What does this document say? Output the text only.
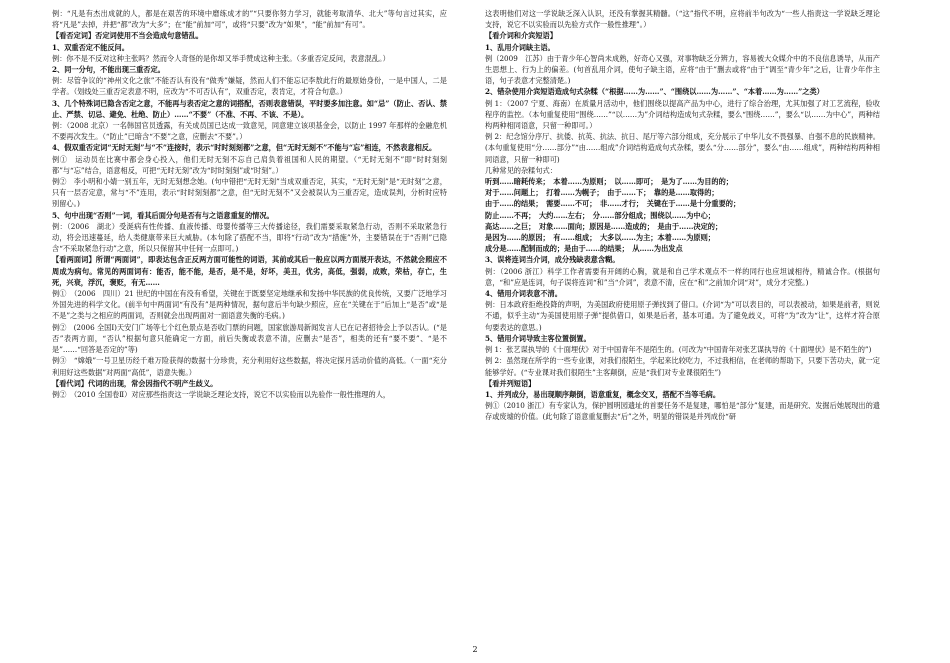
例：“凡是有杰出成就的人，都是在艰苦的环境中磨练成才的”“只要你努力学习，就能考取清华、北大”等句言过其实，应将“凡是”去掉，并把“都”改为“大多”；在“能”前加“可”，或将“只要”改为“如果”，“能”前加“有可”。

【看否定词】否定词使用不当会造成句意错乱。

1、双重否定不能反问。

例：你不是不反对这种主张吗？然而令人奇怪的是你却又举手赞成这种主张。（多重否定反问，表意混乱。）

2、同一分句，不能出现三重否定。

例：尽管争议的“神州文化之旅”不能否认有没有“做秀”嫌疑，然而人们不能忘记李敖此行的最原始身份，一是中国人，二是学者。（划线处三重否定表意不明，应改为“不可否认有”，双重否定，表肯定，才符合句意。）

3、几个特殊词已隐含否定之意，不能再与表否定之意的词搭配，否则表意错误，平时要多加注意。如“忌”（防止、否认、禁止、严禁、切忌、避免、杜绝、防止）……“不要”（不准、不再、不该、不是）。

例：（2008 北京）一名韩国官员透露，有关成员国已达成一致意见，同意建立该项基金会，以防止 1997 年那样的金融危机不要再次发生。（“防止”已暗含“不要”之意，应删去“不要”。）

4、假双重否定词“无时无刻”与“不”连接时，表示“时时刻刻都”之意，但“无时无刻不”不能与“忘”相连，不然表意相反。

例①　运动员在比赛中都会身心投入，他们无时无刻不忘自己肩负着祖国和人民的期望。（“无时无刻不”即“时时刻刻都”与“忘”结合，语意相反，可把“无时无刻”改为“时时刻刻”或“时刻”。）

例②　李小明和小婧一别五年，无时无刻想念她。(句中错把“无时无刻”当成双重否定，其实，“无时无刻”是“无时刻”之意，只有一层否定意，常与“不”连用，表示“时时刻刻都”之意，但“无时无刻不”又会被误认为三重否定，造成误判，分析时应特别留心。)

5、句中出现“否则”一词，看其后面分句是否有与之语意重复的情况。

例：（2006　湖北）受涎病有性传播、血液传播、母婴传播等三大传播途径，我们需要采取紧急行动，否则不采取紧急行动，将会迅速蔓延，给人类健康带来巨大威胁。(本句除了搭配不当，即将“行动”改为“措施”外，主要错误在于“否则”已隐含“不采取紧急行动”之意，所以只保留其中任何一点即可。)

【看两面词】所谓“两面词”，即表达包含正反两方面可能性的词语，其前或其后一般应以两方面展开表达，不然就会照应不周成为病句。常见的两面词有：能否，能不能，是否，是不是，好坏，美丑，优劣，高低，强弱，成败，荣枯，存亡，生死，兴衰，浮沉，褒贬，有无……

例①　（2006　四川）21 世纪的中国在有没有希望，关键在于既要坚定地继承和发扬中华民族的优良传统，又要广泛地学习外国先进的科学文化。(前半句中两面词“有没有”是两种情况，据句意后半句缺少照应，应在“关键在于”后加上“是否”或“是不是”之类与之相应的两面词，否则就会出现两面对一面语意失衡的毛病。)

例②　(2006 全国Ⅰ)天安门广场等七个红色景点是否收门票的问题，国家旅游局新闻发言人已在记者招待会上予以否认。(“是否”表两方面，“否认”根据句意只能确定一方面，前后失衡或表意不清，应删去“是否”，相类的还有“要不要”、“是不是”……“回答是否定的”等)

例③　“嫦娥”一号卫星历经千难万险获得的数据十分珍贵，充分利用好这些数据，将决定探月活动价值的高低。（一面“充分利用好这些数据”对两面“高低”，语意失衡。）

【看代词】代词的出现，常会因指代不明产生歧义。

例②　（2010 全国卷Ⅱ）对应那些指责这一学说缺乏理论支持，说它不以实验而以先验作一般性推理的人，

这表明他们对这一学说缺乏深入认识，还没有掌握其精髓。（“这”指代不明，应将前半句改为“一些人指责这一学说缺乏理论支持，说它不以实验而以先验方式作一般性推理”。）

【看介词和介宾短语】

1、乱用介词缺主语。

例（2009　江苏）由于青少年心智尚未成熟，好奇心又强，对事物缺乏分辨力，容易被大众媒介中的不良信息诱导，从而产生思想上、行为上的偏差。(句首乱用介词，使句子缺主语，应将“由于”删去或将“由于”调至“青少年”之后，让青少年作主语，句子表意才完整清楚。)

2、错杂使用介宾短语造成句式杂糅（“根据……为……”、“围绕以……为……”、“本着……为……”之类）

例 1：（2007 宁夏、海南）在质量月活动中，他们围绕以提高产品为中心，进行了综合治理，尤其加强了对工艺流程，验收程序的监控。（本句重复使用“围绕……”“以……为”介词结构造成句式杂糅，要么“围绕……”，要么“以……为中心”，两种结构两种相同语意，只留一种即可。）

例 2：纪念馆分序厅、抗倭、抗英、抗法、抗日、尾厅等六部分组成，充分展示了中华儿女不畏强暴、自强不息的民族精神。(本句重复使用“分……部分”“由……组成”介词结构造成句式杂糅，要么“分……部分”，要么“由……组成”，两种结构两种相同语意，只留一种即可)

几种常见的杂糅句式：

听到……暗耗传来；　本着……为原则；　以……即可；　是为了……为目的的；

对于……问题上；　打着……为幌子；　由于……下；　靠的是……取得的；

由于……的结果；　需要……不可；　非……才行；　关键在于……是十分重要的；

防止……不再；　大约……左右；　分……部分组成；围绕以……为中心；

高达……之巨；　对象……面向；原因是……造成的；　是由于……决定的；

是因为……的原因；　有……组成；　大多以……为主；本着……为原则；

成分是……配制而成的；是由于……的结果；　从……为出发点

3、误将连词当介词，成分残缺表意含糊。

例：（2006 浙江）科学工作者需要有开阔的心胸，就是和自己学术观点不一样的同行也应坦诚相待，精诚合作。(根据句意，“和”应是连词，句子误将连词“和”当“介词”，表意不清，应在“和”之前加介词“对”，成分才完整。)

4、错用介词表意不清。

例：日本政府拒绝投降的声明，为美国政府使用原子弹找到了借口。(介词“为”可以表目的，可以表被动，如果是前者，则说不通，似乎主动“为美国使用原子弹”提供借口，如果是后者，基本可通。为了避免歧义，可将“为”改为“让”，这样才符合原句要表达的意思。)

5、错用介词导致主客位置倒置。

例 1：张艺谋执导的《十面埋伏》对于中国青年不是陌生的。(可改为“中国青年对张艺谋执导的《十面埋伏》是不陌生的”)

例 2：虽然现在所学的一些专业课，对我们很陌生，学起来比较吃力，不过我相信，在老师的帮助下，只要下苦功夫，就一定能够学好。(“专业课对我们很陌生”主客颠倒，应是“我们对专业课很陌生”)

【看并列短语】

1、并列成分，易出现顺序颠倒，语意重复，概念交叉，搭配不当等毛病。

例①（2010 浙江）有专家认为，保护圆明园遗址的首要任务不是复建，哪怕是“部分”复建，而是研究、发掘后她展现出的遗存或废墟的价值。(此句除了语意重复删去“后”之外，明显的错误是并列成份“研

2
